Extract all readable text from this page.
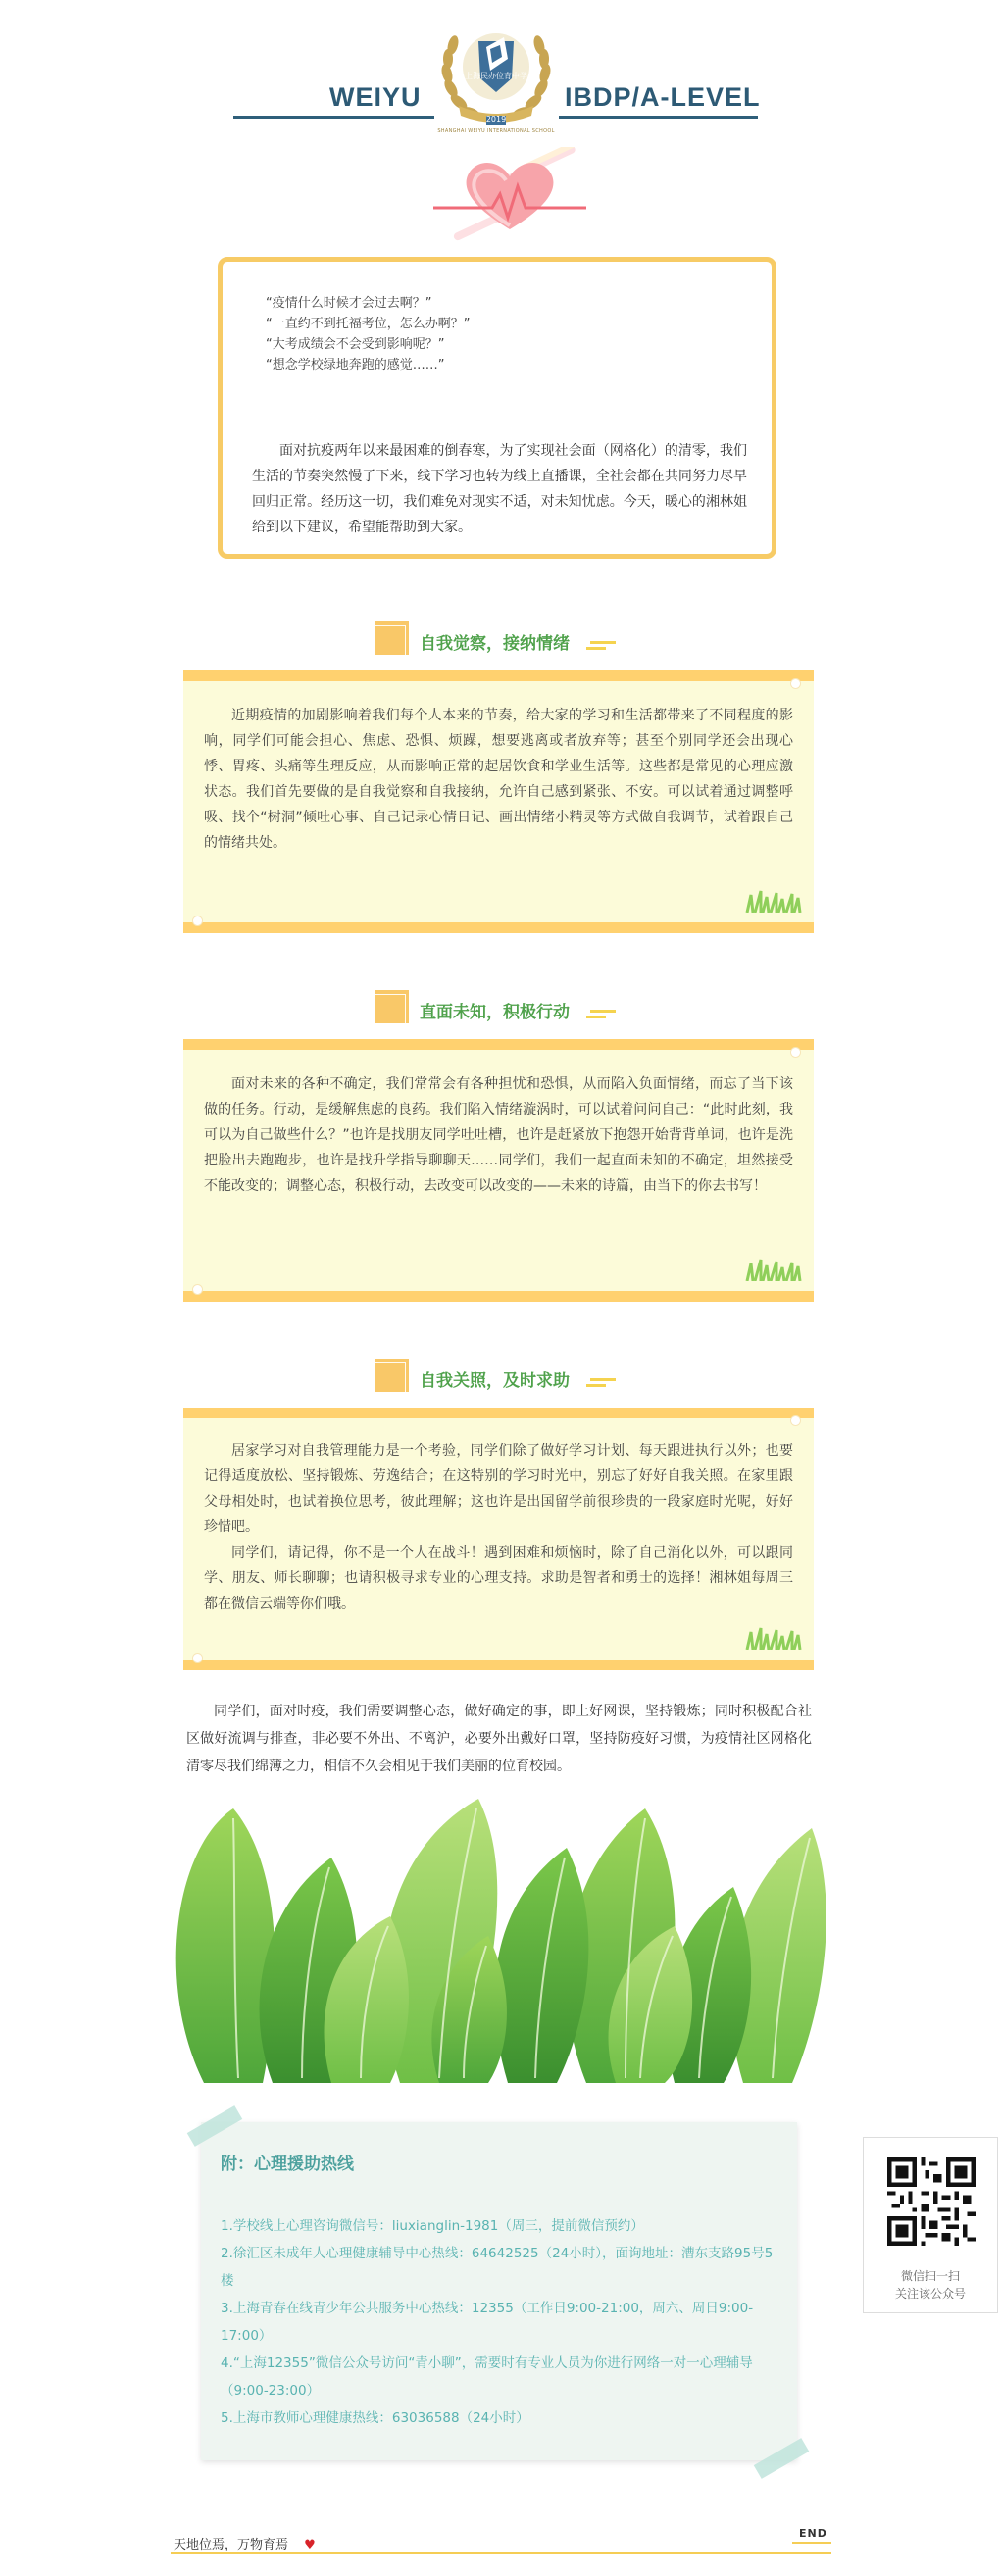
WEIYU	IBDP/A-LEVEL
上海民办位育中学
2019
SHANGHAI WEIYU INTERNATIONAL SCHOOL
“疫情什么时候才会过去啊？”
“一直约不到托福考位，怎么办啊？”
“大考成绩会不会受到影响呢？”
“想念学校绿地奔跑的感觉……”
面对抗疫两年以来最困难的倒春寒，为了实现社会面（网格化）的清零，我们生活的节奏突然慢了下来，线下学习也转为线上直播课，全社会都在共同努力尽早回归正常。经历这一切，我们难免对现实不适，对未知忧虑。今天，暖心的湘林姐给到以下建议，希望能帮助到大家。
自我觉察，接纳情绪

近期疫情的加剧影响着我们每个人本来的节奏，给大家的学习和生活都带来了不同程度的影响，同学们可能会担心、焦虑、恐惧、烦躁，想要逃离或者放弃等；甚至个别同学还会出现心悸、胃疼、头痛等生理反应，从而影响正常的起居饮食和学业生活等。这些都是常见的心理应激状态。我们首先要做的是自我觉察和自我接纳，允许自己感到紧张、不安。可以试着通过调整呼吸、找个“树洞”倾吐心事、自己记录心情日记、画出情绪小精灵等方式做自我调节，试着跟自己的情绪共处。

直面未知，积极行动

面对未来的各种不确定，我们常常会有各种担忧和恐惧，从而陷入负面情绪，而忘了当下该做的任务。行动，是缓解焦虑的良药。我们陷入情绪漩涡时，可以试着问问自己：“此时此刻，我可以为自己做些什么？”也许是找朋友同学吐吐槽，也许是赶紧放下抱怨开始背背单词，也许是洗把脸出去跑跑步，也许是找升学指导聊聊天……同学们，我们一起直面未知的不确定，坦然接受不能改变的；调整心态，积极行动，去改变可以改变的——未来的诗篇，由当下的你去书写！

自我关照，及时求助

居家学习对自我管理能力是一个考验，同学们除了做好学习计划、每天跟进执行以外；也要记得适度放松、坚持锻炼、劳逸结合；在这特别的学习时光中，别忘了好好自我关照。在家里跟父母相处时，也试着换位思考，彼此理解；这也许是出国留学前很珍贵的一段家庭时光呢，好好珍惜吧。

同学们，请记得，你不是一个人在战斗！遇到困难和烦恼时，除了自己消化以外，可以跟同学、朋友、师长聊聊；也请积极寻求专业的心理支持。求助是智者和勇士的选择！湘林姐每周三都在微信云端等你们哦。

同学们，面对时疫，我们需要调整心态，做好确定的事，即上好网课，坚持锻炼；同时积极配合社区做好流调与排查，非必要不外出、不离沪，必要外出戴好口罩，坚持防疫好习惯，为疫情社区网格化清零尽我们绵薄之力，相信不久会相见于我们美丽的位育校园。
附：心理援助热线
1.学校线上心理咨询微信号：liuxianglin-1981（周三，提前微信预约）
2.徐汇区未成年人心理健康辅导中心热线：64642525（24小时），面询地址：漕东支路95号5楼
3.上海青春在线青少年公共服务中心热线：12355（工作日9:00-21:00，周六、周日9:00-17:00）
4.“上海12355”微信公众号访问“青小聊”，需要时有专业人员为你进行网络一对一心理辅导（9:00-23:00）
5.上海市教师心理健康热线：63036588（24小时）
微信扫一扫
关注该公众号
天地位焉，万物育焉 ♥
END
